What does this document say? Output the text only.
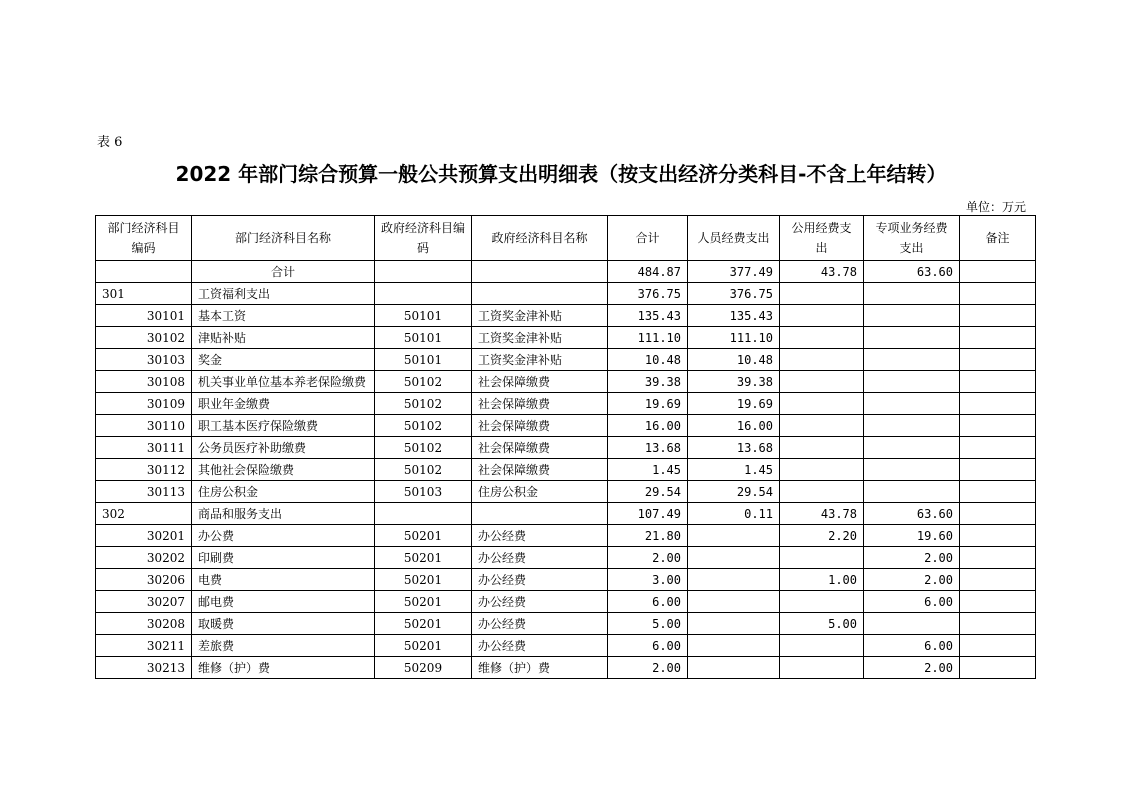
表 6
2022 年部门综合预算一般公共预算支出明细表（按支出经济分类科目-不含上年结转）
单位：万元
部门经济科目编码	部门经济科目名称	政府经济科目编码	政府经济科目名称	合计	人员经费支出	公用经费支出	专项业务经费支出	备注
	合计			484.87	377.49	43.78	63.60	
301	工资福利支出			376.75	376.75			
30101	基本工资	50101	工资奖金津补贴	135.43	135.43			
30102	津贴补贴	50101	工资奖金津补贴	111.10	111.10			
30103	奖金	50101	工资奖金津补贴	10.48	10.48			
30108	机关事业单位基本养老保险缴费	50102	社会保障缴费	39.38	39.38			
30109	职业年金缴费	50102	社会保障缴费	19.69	19.69			
30110	职工基本医疗保险缴费	50102	社会保障缴费	16.00	16.00			
30111	公务员医疗补助缴费	50102	社会保障缴费	13.68	13.68			
30112	其他社会保险缴费	50102	社会保障缴费	1.45	1.45			
30113	住房公积金	50103	住房公积金	29.54	29.54			
302	商品和服务支出			107.49	0.11	43.78	63.60	
30201	办公费	50201	办公经费	21.80		2.20	19.60	
30202	印刷费	50201	办公经费	2.00			2.00	
30206	电费	50201	办公经费	3.00		1.00	2.00	
30207	邮电费	50201	办公经费	6.00			6.00	
30208	取暖费	50201	办公经费	5.00		5.00		
30211	差旅费	50201	办公经费	6.00			6.00	
30213	维修（护）费	50209	维修（护）费	2.00			2.00	
